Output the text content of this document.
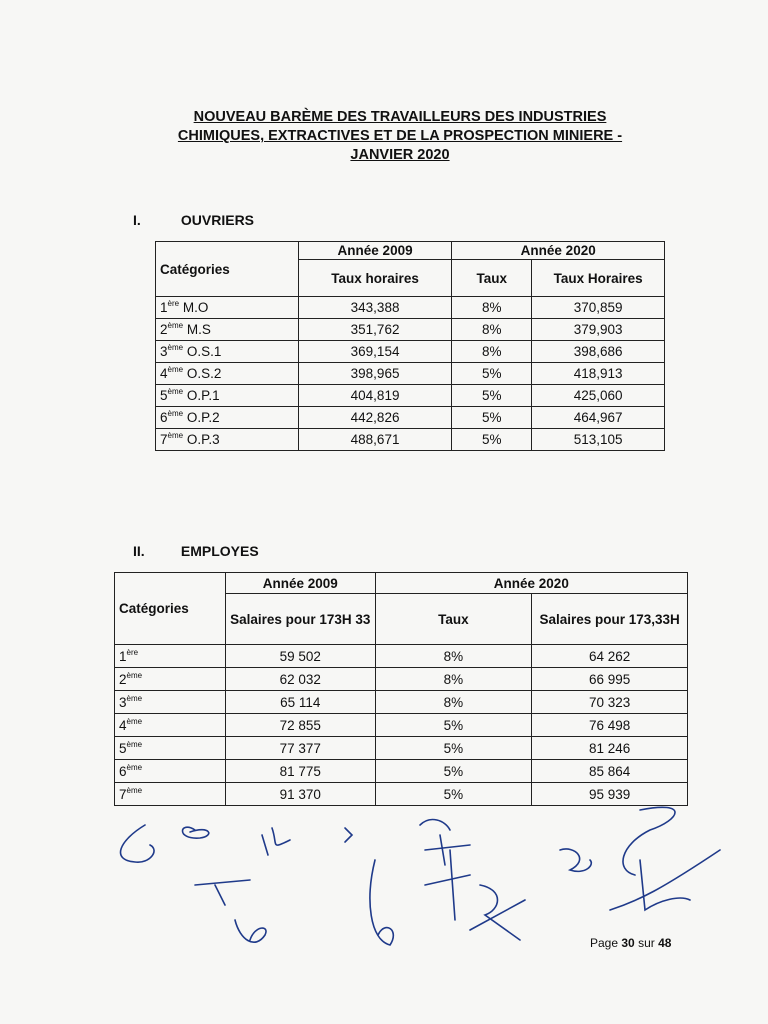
NOUVEAU BARÈME DES TRAVAILLEURS DES INDUSTRIES
CHIMIQUES, EXTRACTIVES ET DE LA PROSPECTION MINIERE -
JANVIER 2020
I.	OUVRIERS
Catégories	Année 2009	Année 2020	
	Taux horaires	Taux	Taux Horaires
1ère M.O	343,388	8%	370,859
2ème M.S	351,762	8%	379,903
3ème O.S.1	369,154	8%	398,686
4ème O.S.2	398,965	5%	418,913
5ème O.P.1	404,819	5%	425,060
6ème O.P.2	442,826	5%	464,967
7ème O.P.3	488,671	5%	513,105
II.	EMPLOYES
Catégories	Année 2009	Année 2020	
	Salaires pour 173H 33	Taux	Salaires pour 173,33H
1ère	59 502	8%	64 262
2ème	62 032	8%	66 995
3ème	65 114	8%	70 323
4ème	72 855	5%	76 498
5ème	77 377	5%	81 246
6ème	81 775	5%	85 864
7ème	91 370	5%	95 939
Page 30 sur 48
